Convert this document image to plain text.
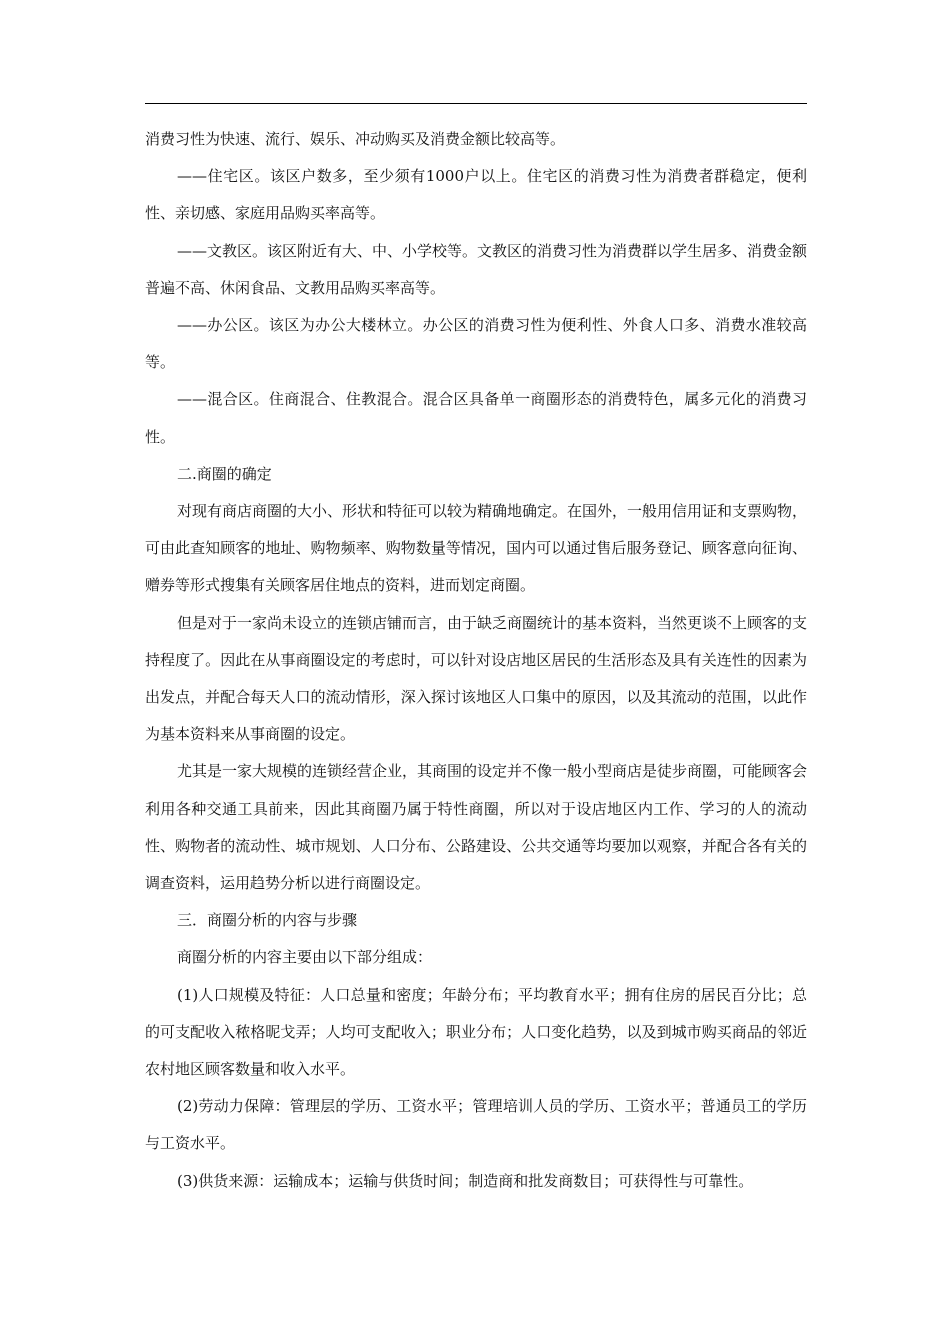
消费习性为快速、流行、娱乐、冲动购买及消费金额比较高等。

——住宅区。该区户数多，至少须有1000户以上。住宅区的消费习性为消费者群稳定，便利性、亲切感、家庭用品购买率高等。

——文教区。该区附近有大、中、小学校等。文教区的消费习性为消费群以学生居多、消费金额普遍不高、休闲食品、文教用品购买率高等。

——办公区。该区为办公大楼林立。办公区的消费习性为便利性、外食人口多、消费水准较高等。

——混合区。住商混合、住教混合。混合区具备单一商圈形态的消费特色，属多元化的消费习性。

二.商圈的确定

对现有商店商圈的大小、形状和特征可以较为精确地确定。在国外，一般用信用证和支票购物，可由此查知顾客的地址、购物频率、购物数量等情况，国内可以通过售后服务登记、顾客意向征询、赠券等形式搜集有关顾客居住地点的资料，进而划定商圈。

但是对于一家尚未设立的连锁店铺而言，由于缺乏商圈统计的基本资料，当然更谈不上顾客的支持程度了。因此在从事商圈设定的考虑时，可以针对设店地区居民的生活形态及具有关连性的因素为出发点，并配合每天人口的流动情形，深入探讨该地区人口集中的原因，以及其流动的范围，以此作为基本资料来从事商圈的设定。

尤其是一家大规模的连锁经营企业，其商围的设定并不像一般小型商店是徒步商圈，可能顾客会利用各种交通工具前来，因此其商圈乃属于特性商圈，所以对于设店地区内工作、学习的人的流动性、购物者的流动性、城市规划、人口分布、公路建设、公共交通等均要加以观察，并配合各有关的调查资料，运用趋势分析以进行商圈设定。

三．商圈分析的内容与步骤

商圈分析的内容主要由以下部分组成：

(1)人口规模及特征：人口总量和密度；年龄分布；平均教育水平；拥有住房的居民百分比；总的可支配收入秾格昵戈弄；人均可支配收入；职业分布；人口变化趋势，以及到城市购买商品的邻近农村地区顾客数量和收入水平。

(2)劳动力保障：管理层的学历、工资水平；管理培训人员的学历、工资水平；普通员工的学历与工资水平。

(3)供货来源：运输成本；运输与供货时间；制造商和批发商数目；可获得性与可靠性。
